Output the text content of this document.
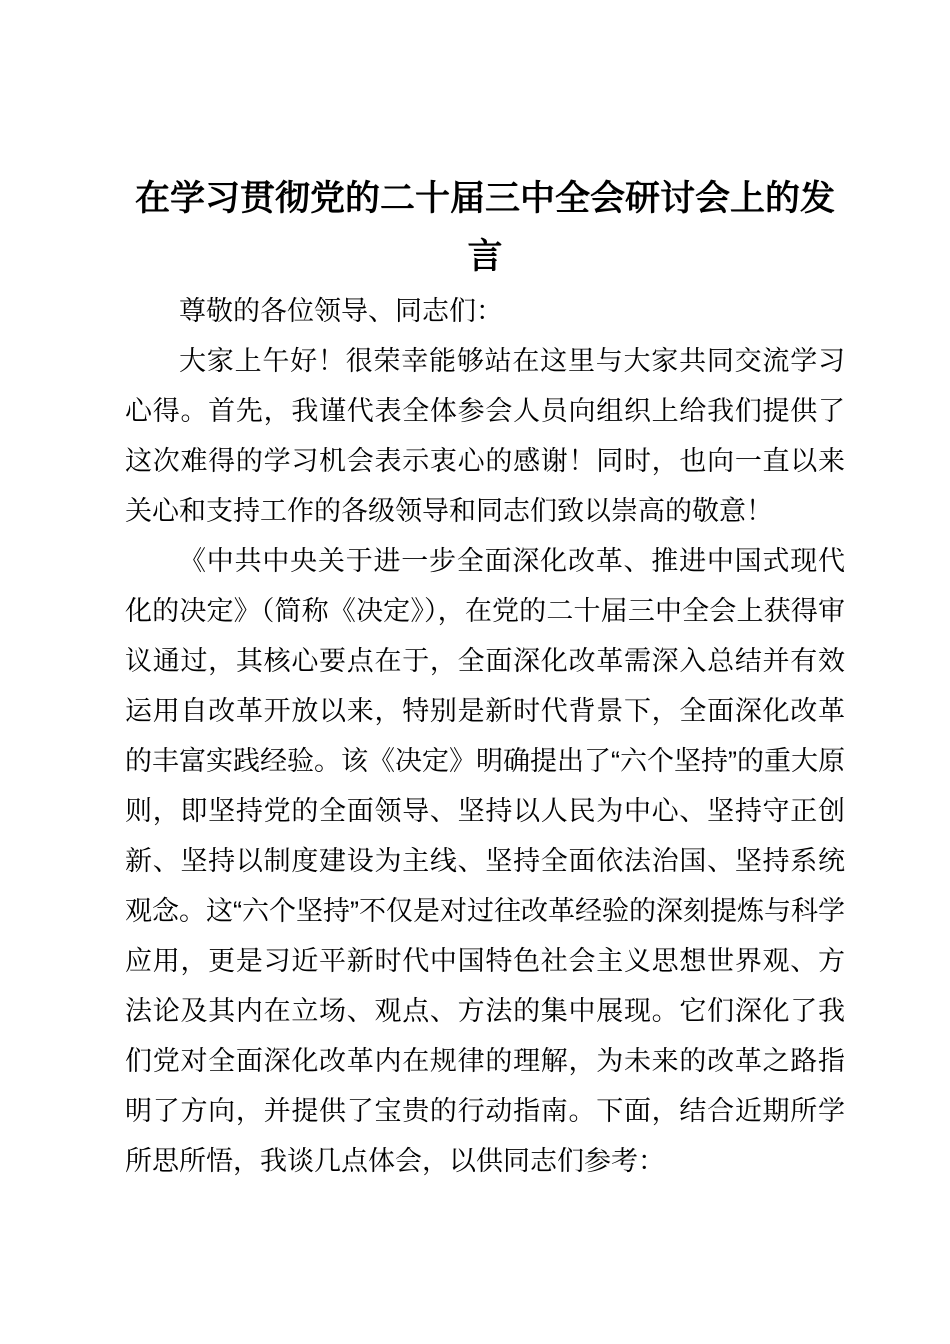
在学习贯彻党的二十届三中全会研讨会上的发言

尊敬的各位领导、同志们：

大家上午好！很荣幸能够站在这里与大家共同交流学习心得。首先，我谨代表全体参会人员向组织上给我们提供了这次难得的学习机会表示衷心的感谢！同时，也向一直以来关心和支持工作的各级领导和同志们致以崇高的敬意！

《中共中央关于进一步全面深化改革、推进中国式现代化的决定》（简称《决定》），在党的二十届三中全会上获得审议通过，其核心要点在于，全面深化改革需深入总结并有效运用自改革开放以来，特别是新时代背景下，全面深化改革的丰富实践经验。该《决定》明确提出了“六个坚持”的重大原则，即坚持党的全面领导、坚持以人民为中心、坚持守正创新、坚持以制度建设为主线、坚持全面依法治国、坚持系统观念。这“六个坚持”不仅是对过往改革经验的深刻提炼与科学应用，更是习近平新时代中国特色社会主义思想世界观、方法论及其内在立场、观点、方法的集中展现。它们深化了我们党对全面深化改革内在规律的理解，为未来的改革之路指明了方向，并提供了宝贵的行动指南。下面，结合近期所学所思所悟，我谈几点体会，以供同志们参考：
